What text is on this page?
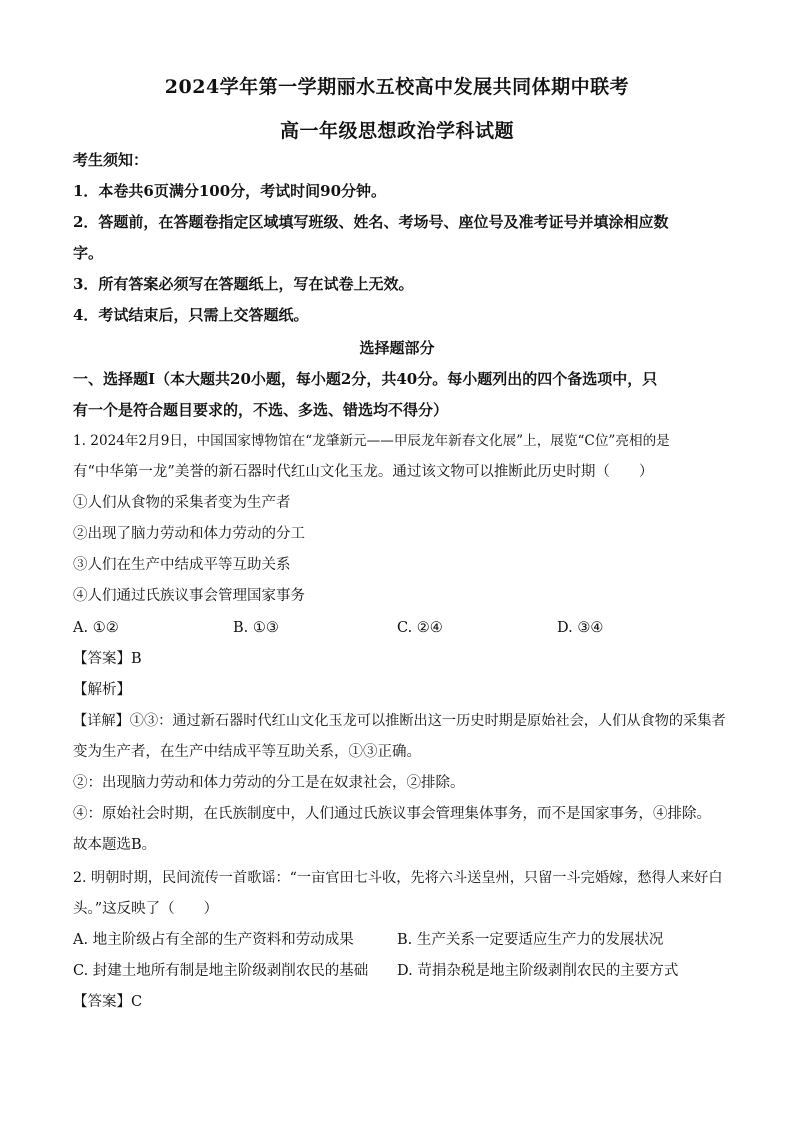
2024学年第一学期丽水五校高中发展共同体期中联考
高一年级思想政治学科试题
考生须知：
1．本卷共6页满分100分，考试时间90分钟。
2．答题前，在答题卷指定区域填写班级、姓名、考场号、座位号及准考证号并填涂相应数
字。
3．所有答案必须写在答题纸上，写在试卷上无效。
4．考试结束后，只需上交答题纸。
选择题部分
一、选择题Ⅰ（本大题共20小题，每小题2分，共40分。每小题列出的四个备选项中，只
有一个是符合题目要求的，不选、多选、错选均不得分）
1. 2024年2月9日，中国国家博物馆在“龙肇新元——甲辰龙年新春文化展”上，展览“C位”亮相的是
有“中华第一龙”美誉的新石器时代红山文化玉龙。通过该文物可以推断此历史时期（　　）
①人们从食物的采集者变为生产者
②出现了脑力劳动和体力劳动的分工
③人们在生产中结成平等互助关系
④人们通过氏族议事会管理国家事务
A. ①②	B. ①③	C. ②④	D. ③④
【答案】B
【解析】
【详解】①③：通过新石器时代红山文化玉龙可以推断出这一历史时期是原始社会，人们从食物的采集者
变为生产者，在生产中结成平等互助关系，①③正确。
②：出现脑力劳动和体力劳动的分工是在奴隶社会，②排除。
④：原始社会时期，在氏族制度中，人们通过氏族议事会管理集体事务，而不是国家事务，④排除。
故本题选B。
2. 明朝时期，民间流传一首歌谣：“一亩官田七斗收，先将六斗送皇州，只留一斗完婚嫁，愁得人来好白
头。”这反映了（　　）
A. 地主阶级占有全部的生产资料和劳动成果	B. 生产关系一定要适应生产力的发展状况
C. 封建土地所有制是地主阶级剥削农民的基础 D. 苛捐杂税是地主阶级剥削农民的主要方式
【答案】C
